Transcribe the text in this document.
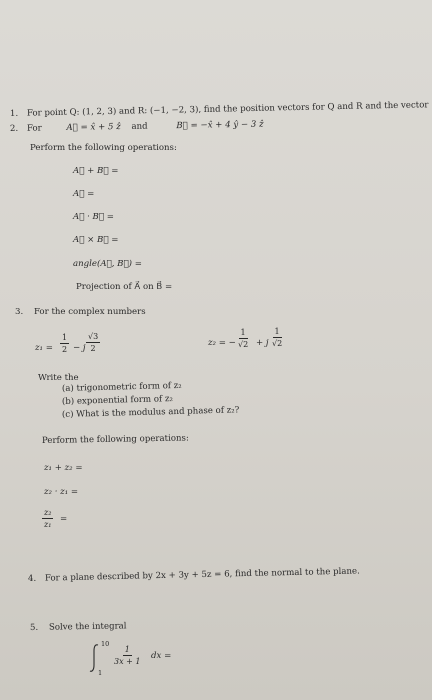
1. For point Q: (1, 2, 3) and R: (−1, −2, 3), find the position vectors for Q and R and the vector
2. For	A⃗ = x̂ + 5 ẑ and	B⃗ = −x̂ + 4 ŷ − 3 ẑ
Perform the following operations:
A⃗ + B⃗ =
A⃗ =
A⃗ · B⃗ =
A⃗ × B⃗ =
angle(A⃗, B⃗) =
Projection of A⃗ on B⃗ =
3. For the complex numbers
$z_1 = \frac{1}{2} - j \frac{√3}{2}$	z₂ = − $\frac{1}{√2} + j \frac{1}{√2}$
Write the
(a) trigonometric form of z₂
(b) exponential form of z₂
(c) What is the modulus and phase of z₂?
Perform the following operations:
z₁ + z₂ =
z₂ · z₁ =
$\frac{\text{z₂}}{\text{z₁}}$ =
4. For a plane described by 2x + 3y + 5z = 6, find the normal to the plane.
5. Solve the integral
10
1
$\frac{1}{3x + 1}$ dx =
